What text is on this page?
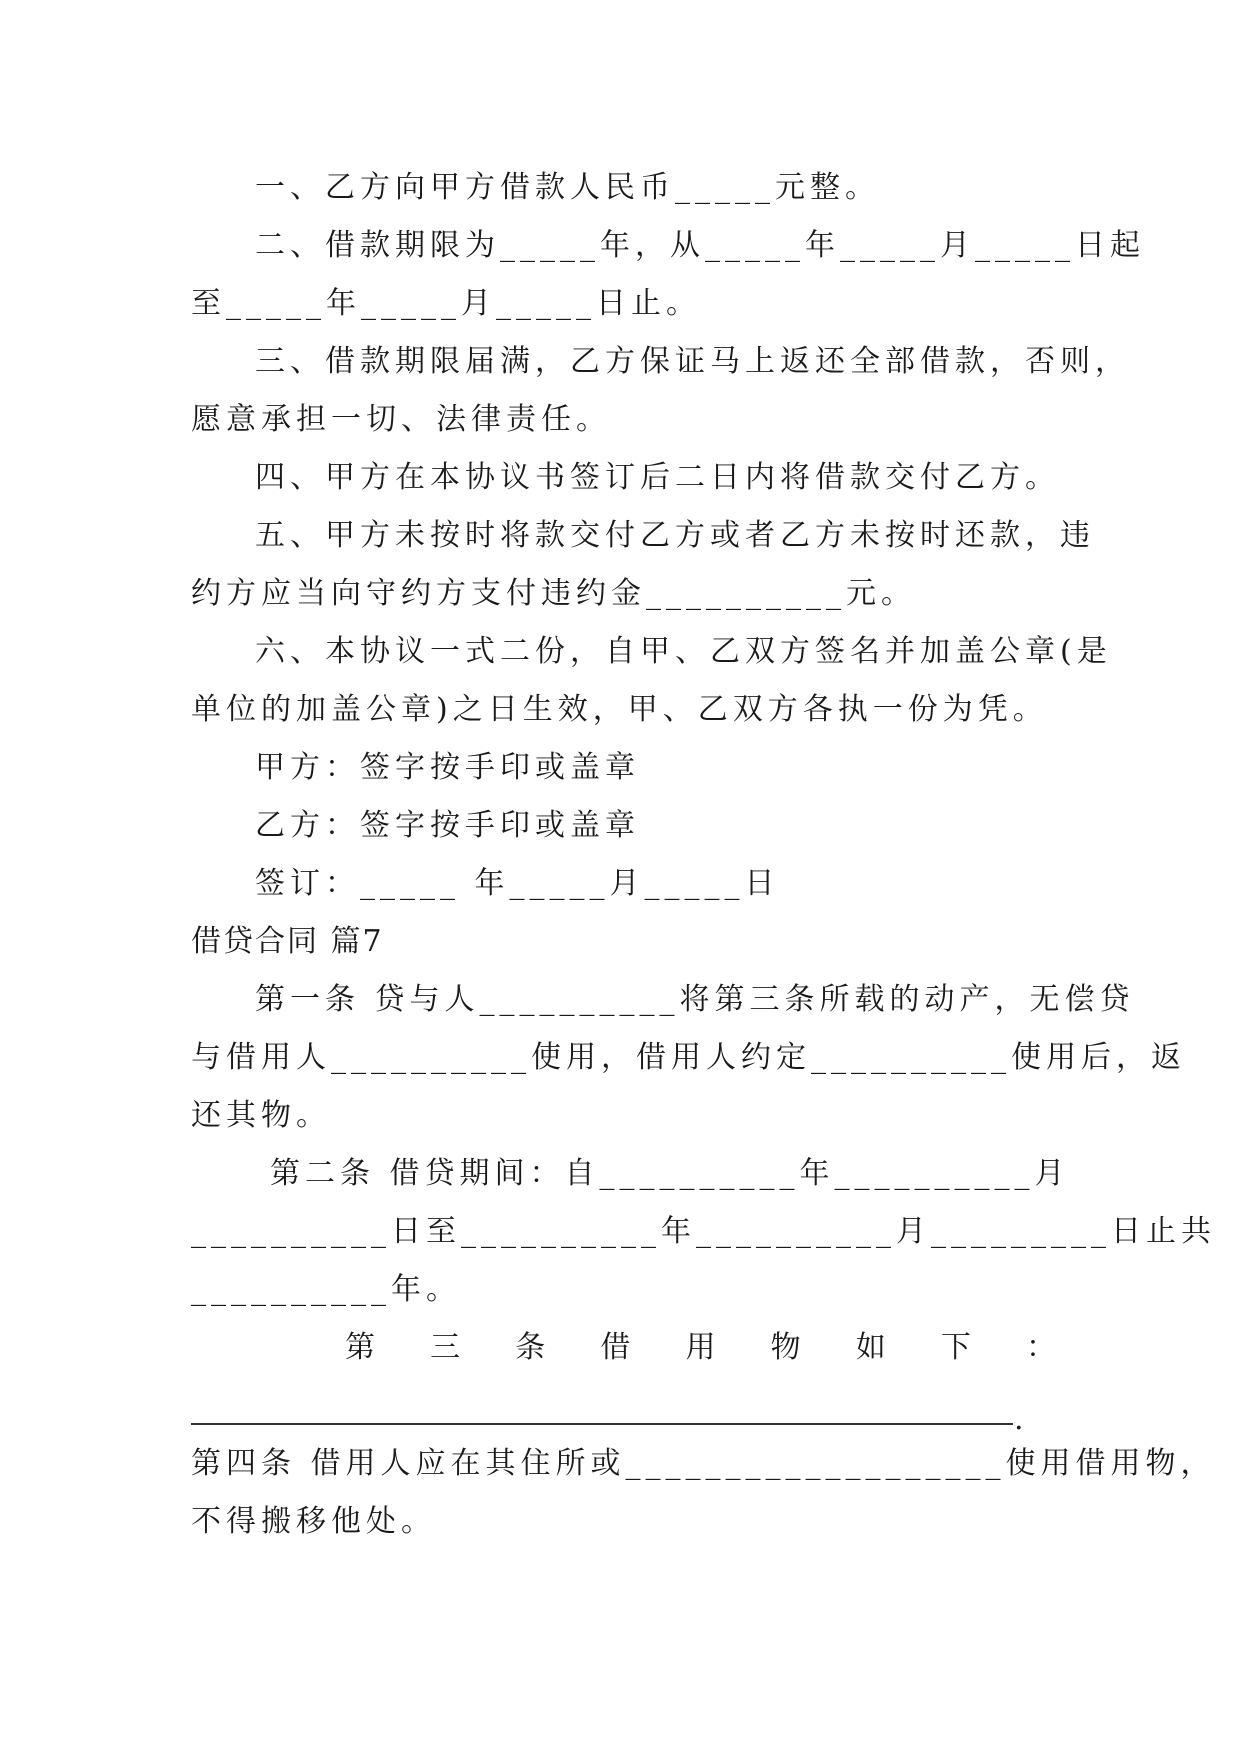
一、乙方向甲方借款人民币_____元整。

二、借款期限为_____年，从_____年_____月_____日起

至_____年_____月_____日止。

三、借款期限届满，乙方保证马上返还全部借款，否则，

愿意承担一切、法律责任。

四、甲方在本协议书签订后二日内将借款交付乙方。

五、甲方未按时将款交付乙方或者乙方未按时还款，违

约方应当向守约方支付违约金__________元。

六、本协议一式二份，自甲、乙双方签名并加盖公章(是

单位的加盖公章)之日生效，甲、乙双方各执一份为凭。

甲方：签字按手印或盖章

乙方：签字按手印或盖章

签订：_____ 年_____月_____日

借贷合同 篇7

第一条 贷与人__________将第三条所载的动产，无偿贷

与借用人__________使用，借用人约定__________使用后，返

还其物。

第二条 借贷期间：自__________年__________月

__________日至__________年__________月_________日止共

__________年。

第 三 条 借 用 物 如 下 ：

.

第四条 借用人应在其住所或___________________使用借用物，

不得搬移他处。
